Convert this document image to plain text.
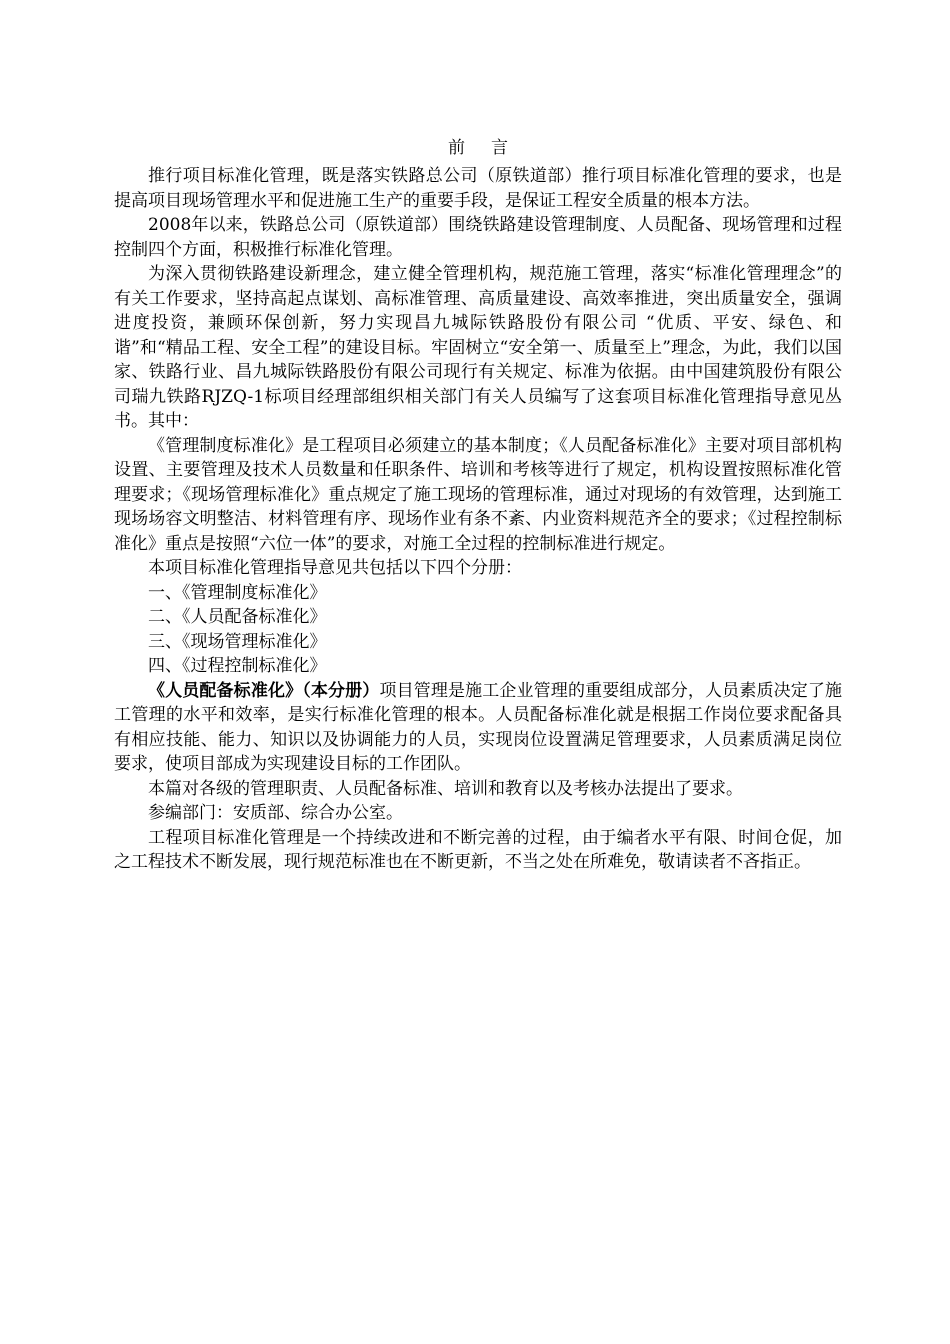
前 言

推行项目标准化管理，既是落实铁路总公司（原铁道部）推行项目标准化管理的要求，也是提高项目现场管理水平和促进施工生产的重要手段，是保证工程安全质量的根本方法。

2008年以来，铁路总公司（原铁道部）围绕铁路建设管理制度、人员配备、现场管理和过程控制四个方面，积极推行标准化管理。

为深入贯彻铁路建设新理念，建立健全管理机构，规范施工管理，落实“标准化管理理念”的有关工作要求，坚持高起点谋划、高标准管理、高质量建设、高效率推进，突出质量安全，强调进度投资，兼顾环保创新，努力实现昌九城际铁路股份有限公司 “优质、平安、绿色、和谐”和“精品工程、安全工程”的建设目标。牢固树立“安全第一、质量至上”理念，为此，我们以国家、铁路行业、昌九城际铁路股份有限公司现行有关规定、标准为依据。由中国建筑股份有限公司瑞九铁路RJZQ-1标项目经理部组织相关部门有关人员编写了这套项目标准化管理指导意见丛书。其中：

《管理制度标准化》是工程项目必须建立的基本制度；《人员配备标准化》主要对项目部机构设置、主要管理及技术人员数量和任职条件、培训和考核等进行了规定，机构设置按照标准化管理要求；《现场管理标准化》重点规定了施工现场的管理标准，通过对现场的有效管理，达到施工现场场容文明整洁、材料管理有序、现场作业有条不紊、内业资料规范齐全的要求；《过程控制标准化》重点是按照“六位一体”的要求，对施工全过程的控制标准进行规定。

本项目标准化管理指导意见共包括以下四个分册：

一、《管理制度标准化》
二、《人员配备标准化》
三、《现场管理标准化》
四、《过程控制标准化》

《人员配备标准化》（本分册）项目管理是施工企业管理的重要组成部分，人员素质决定了施工管理的水平和效率，是实行标准化管理的根本。人员配备标准化就是根据工作岗位要求配备具有相应技能、能力、知识以及协调能力的人员，实现岗位设置满足管理要求，人员素质满足岗位要求，使项目部成为实现建设目标的工作团队。

本篇对各级的管理职责、人员配备标准、培训和教育以及考核办法提出了要求。

参编部门：安质部、综合办公室。

工程项目标准化管理是一个持续改进和不断完善的过程，由于编者水平有限、时间仓促，加之工程技术不断发展，现行规范标准也在不断更新，不当之处在所难免，敬请读者不吝指正。
